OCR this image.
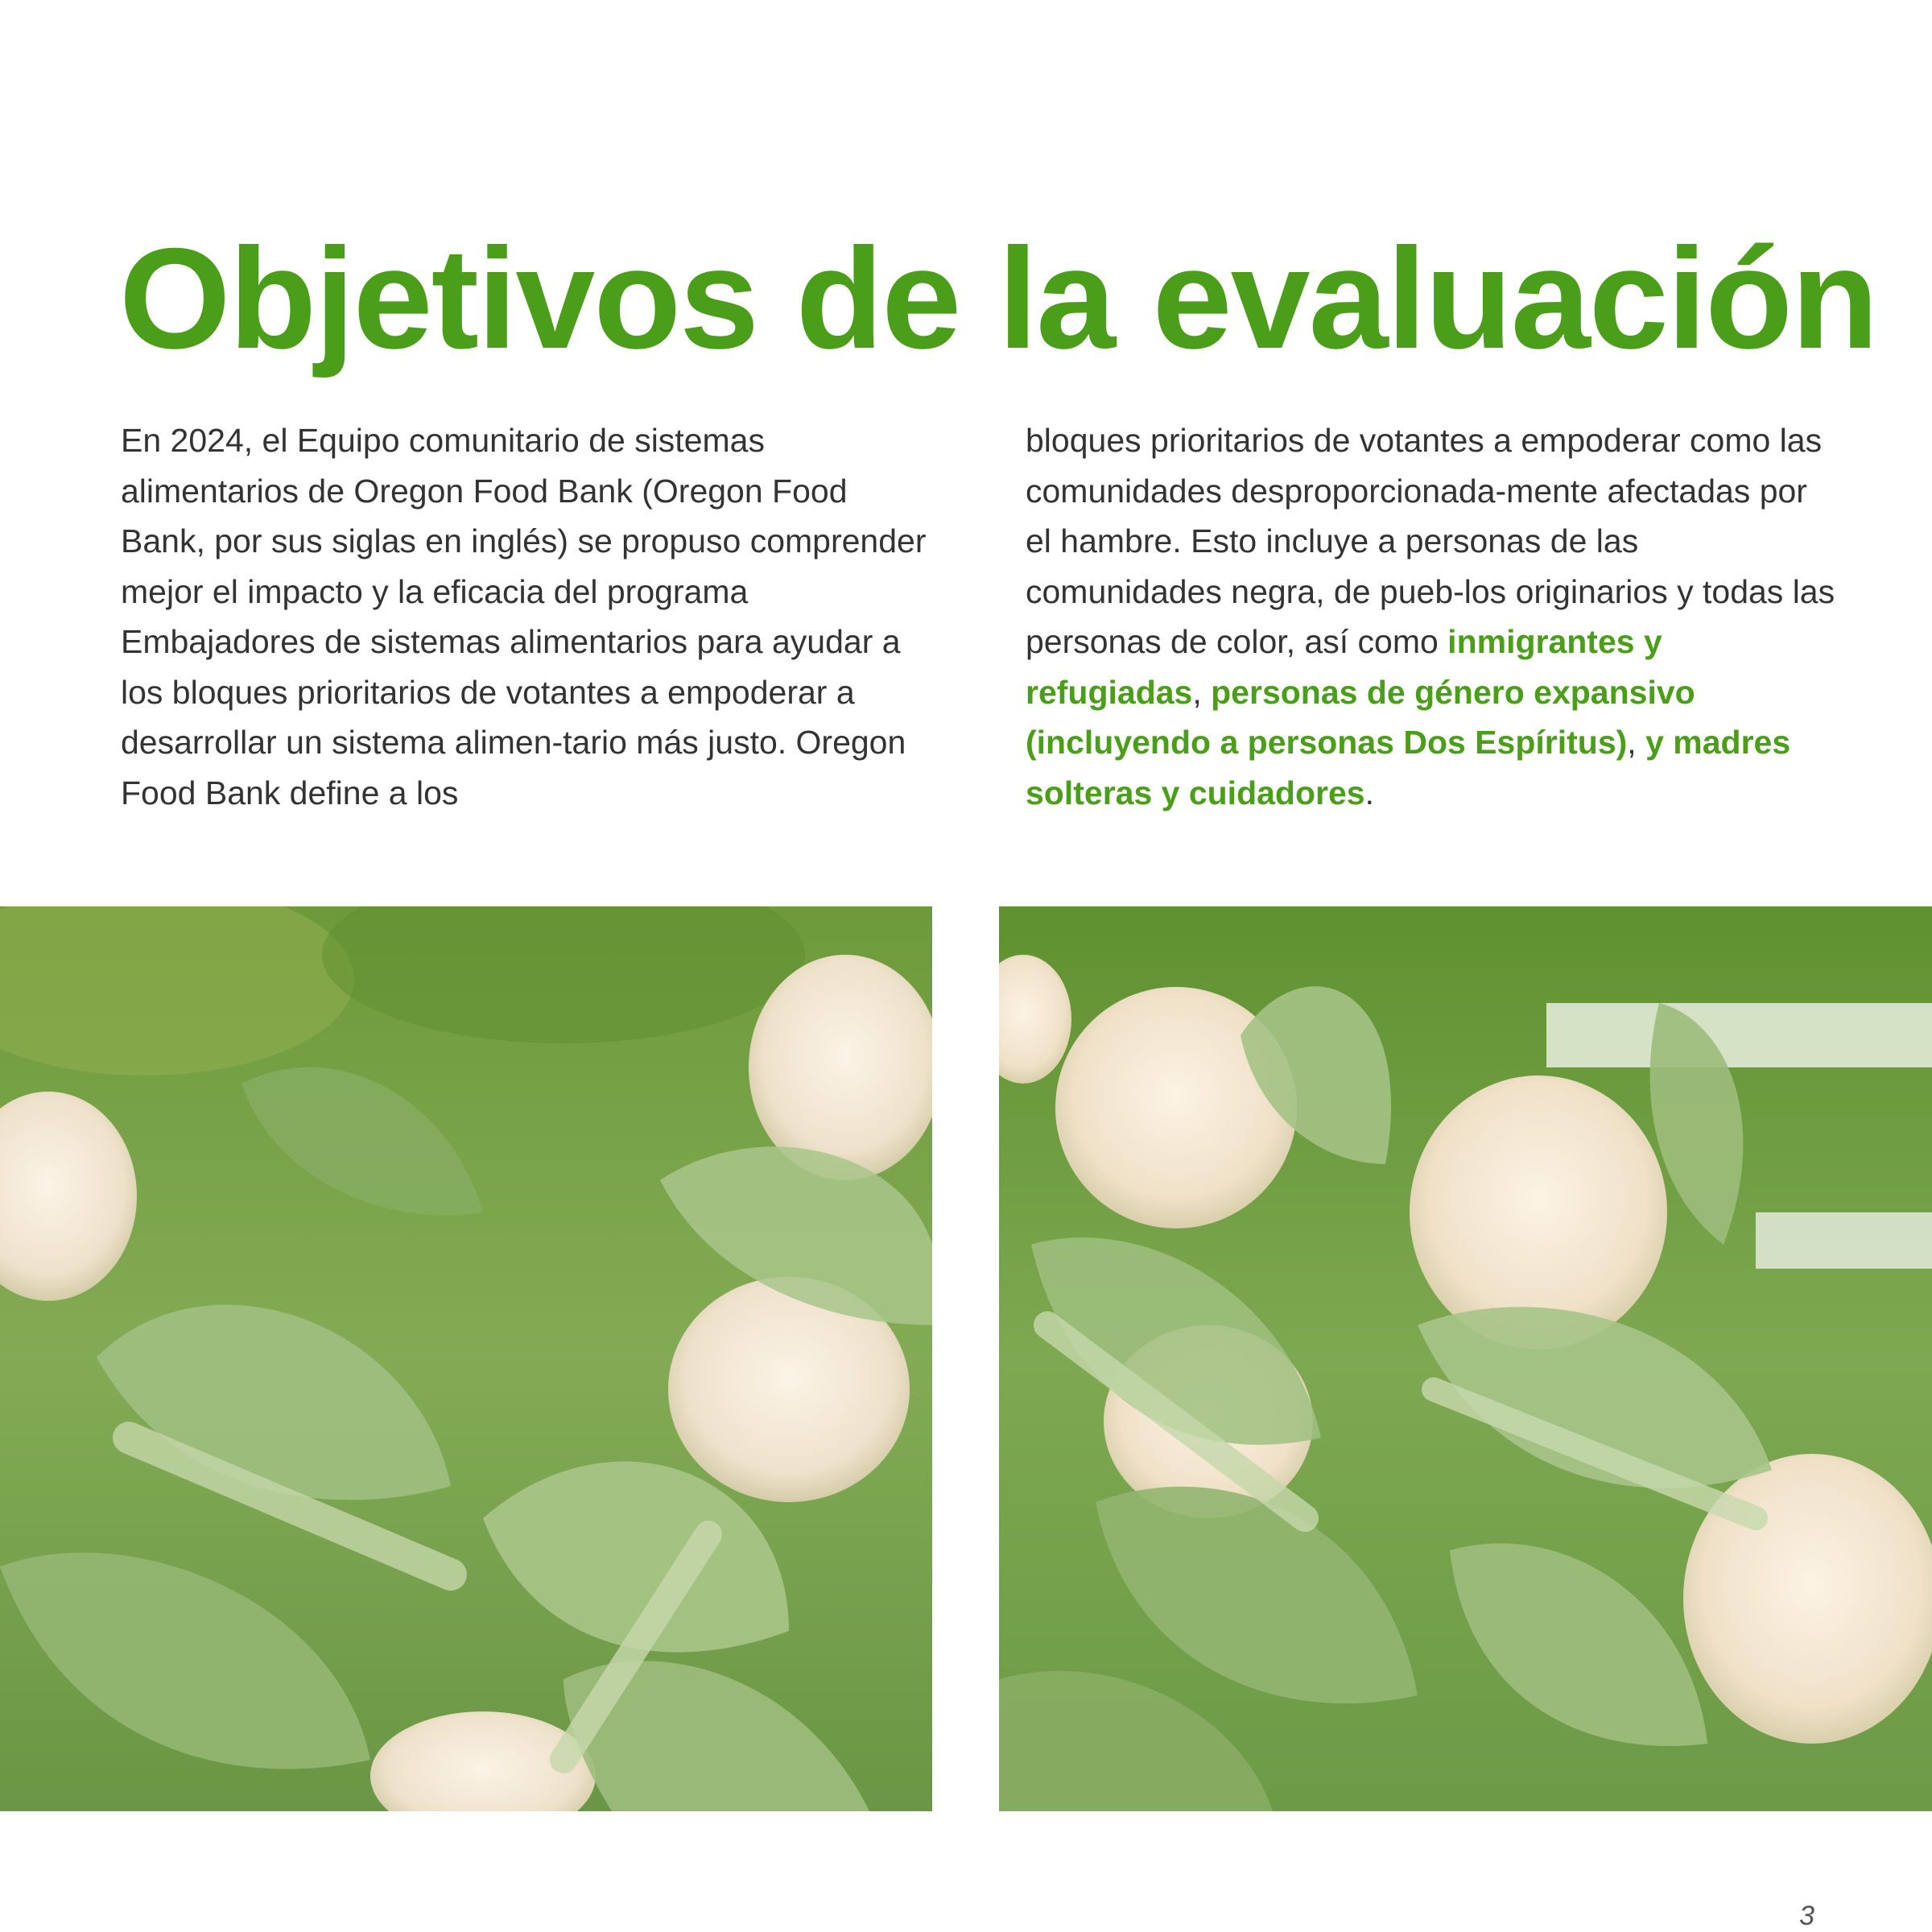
Objetivos de la evaluación

En 2024, el Equipo comunitario de sistemas alimentarios de Oregon Food Bank (Oregon Food Bank, por sus siglas en inglés) se propuso comprender mejor el impacto y la eficacia del programa Embajadores de sistemas alimentarios para ayudar a los bloques prioritarios de votantes a empoderar a desarrollar un sistema alimen-tario más justo. Oregon Food Bank define a los

bloques prioritarios de votantes a empoderar como las comunidades desproporcionada-mente afectadas por el hambre. Esto incluye a personas de las comunidades negra, de pueb-los originarios y todas las personas de color, así como inmigrantes y refugiadas, personas de género expansivo (incluyendo a personas Dos Espíritus), y madres solteras y cuidadores.

3
